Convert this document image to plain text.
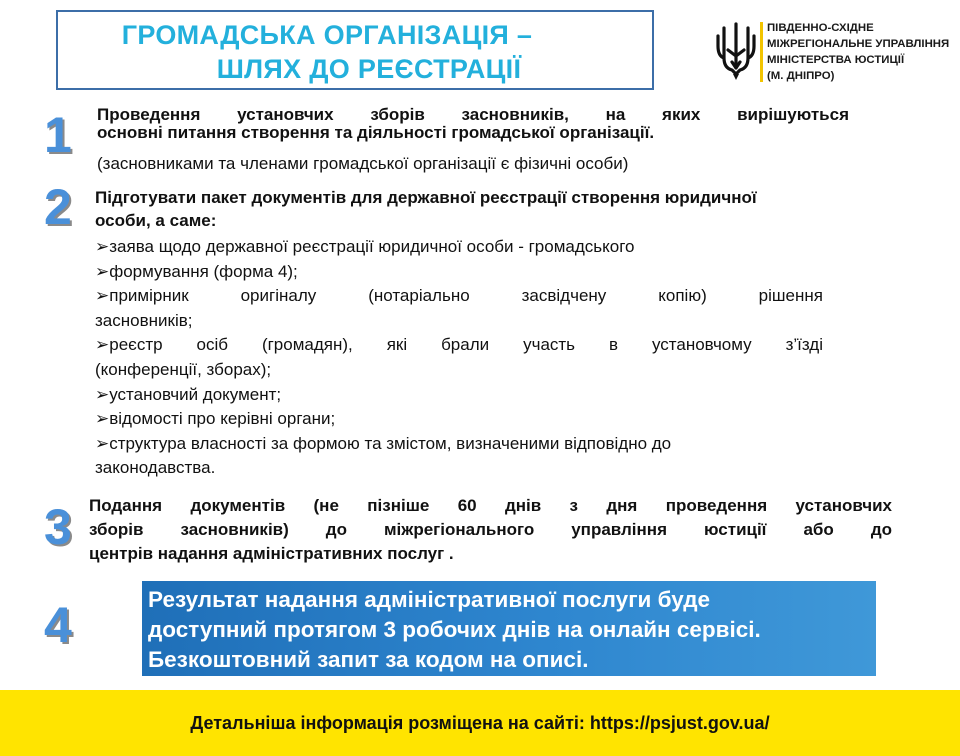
ГРОМАДСЬКА ОРГАНІЗАЦІЯ –
ШЛЯХ ДО РЕЄСТРАЦІЇ
ПІВДЕННО-СХІДНЕ
МІЖРЕГІОНАЛЬНЕ УПРАВЛІННЯ
МІНІСТЕРСТВА ЮСТИЦІЇ
(М. ДНІПРО)
1 Проведення установчих зборів засновників, на яких вирішуються
основні питання створення та діяльності громадської організації.
(засновниками та членами громадської організації є фізичні особи)
2 Підготувати пакет документів для державної реєстрації створення юридичної
особи, а саме:
➢заява щодо державної реєстрації юридичної особи - громадського
➢формування (форма 4);
➢примірник оригіналу (нотаріально засвідчену копію) рішення
засновників;
➢реєстр осіб (громадян), які брали участь в установчому з’їзді
(конференції, зборах);
➢установчий документ;
➢відомості про керівні органи;
➢структура власності за формою та змістом, визначеними відповідно до
законодавства.
3 Подання документів (не пізніше 60 днів з дня проведення установчих
зборів засновників) до міжрегіонального управління юстиції або до
центрів надання адміністративних послуг .
4	Результат надання адміністративної послуги буде
доступний протягом 3 робочих днів на онлайн сервісі.
Безкоштовний запит за кодом на описі.
Детальніша інформація розміщена на сайті: https://psjust.gov.ua/
